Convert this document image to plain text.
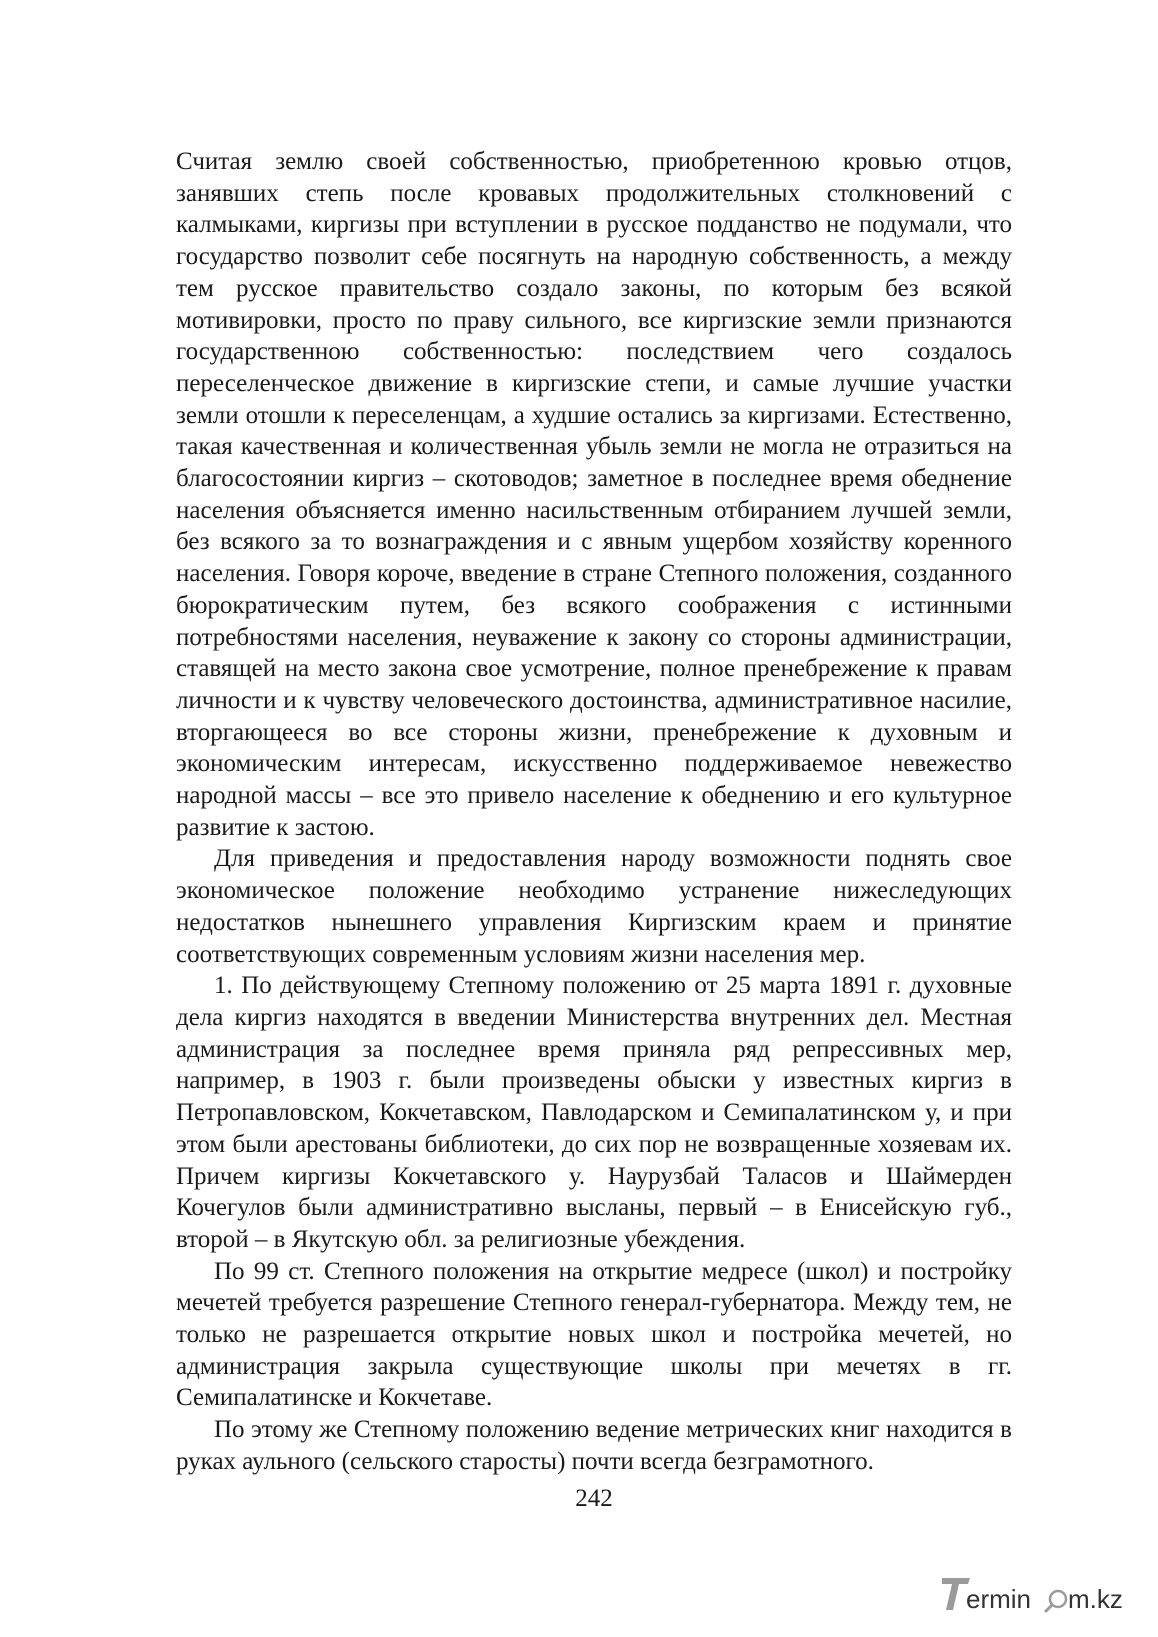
Считая землю своей собственностью, приобретенною кровью отцов, занявших степь после кровавых продолжительных столкновений с калмыками, киргизы при вступлении в русское подданство не подумали, что государство позволит себе посягнуть на народную собственность, а между тем русское правительство создало законы, по которым без всякой мотивировки, просто по праву сильного, все киргизские земли признаются государственною собственностью: последствием чего создалось переселенческое движение в киргизские степи, и самые лучшие участки земли отошли к переселенцам, а худшие остались за киргизами. Естественно, такая качественная и количественная убыль земли не могла не отразиться на благосостоянии киргиз – скотоводов; заметное в последнее время обеднение населения объясняется именно насильственным отбиранием лучшей земли, без всякого за то вознаграждения и с явным ущербом хозяйству коренного населения. Говоря короче, введение в стране Степного положения, созданного бюрократическим путем, без всякого соображения с истинными потребностями населения, неуважение к закону со стороны администрации, ставящей на место закона свое усмотрение, полное пренебрежение к правам личности и к чувству человеческого достоинства, административное насилие, вторгающееся во все стороны жизни, пренебрежение к духовным и экономическим интересам, искусственно поддерживаемое невежество народной массы – все это привело население к обеднению и его культурное развитие к застою.

Для приведения и предоставления народу возможности поднять свое экономическое положение необходимо устранение нижеследующих недостатков нынешнего управления Киргизским краем и принятие соответствующих современным условиям жизни населения мер.

1. По действующему Степному положению от 25 марта 1891 г. духовные дела киргиз находятся в введении Министерства внутренних дел. Местная администрация за последнее время приняла ряд репрессивных мер, например, в 1903 г. были произведены обыски у известных киргиз в Петропавловском, Кокчетавском, Павлодарском и Семипалатинском у, и при этом были арестованы библиотеки, до сих пор не возвращенные хозяевам их. Причем киргизы Кокчетавского у. Наурузбай Таласов и Шаймерден Кочегулов были административно высланы, первый – в Енисейскую губ., второй – в Якутскую обл. за религиозные убеждения.

По 99 ст. Степного положения на открытие медресе (школ) и постройку мечетей требуется разрешение Степного генерал-губернатора. Между тем, не только не разрешается открытие новых школ и постройка мечетей, но администрация закрыла существующие школы при мечетях в гг. Семипалатинске и Кокчетаве.

По этому же Степному положению ведение метрических книг находится в руках аульного (сельского старосты) почти всегда безграмотного.

242
ermin m.kz
